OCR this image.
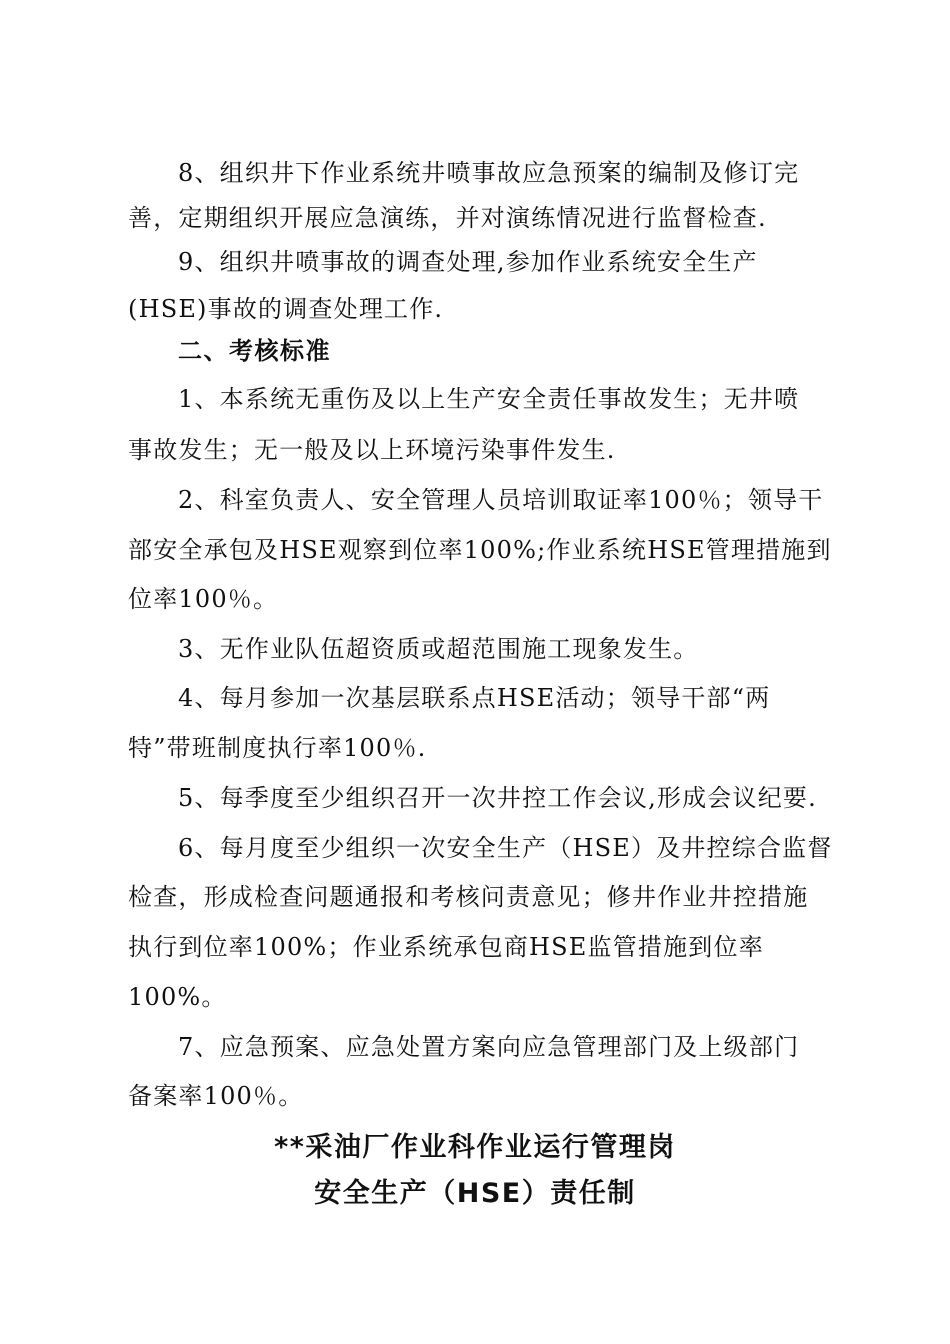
8、组织井下作业系统井喷事故应急预案的编制及修订完
善，定期组织开展应急演练，并对演练情况进行监督检查.
9、组织井喷事故的调查处理,参加作业系统安全生产
(HSE)事故的调查处理工作.
二、考核标准
1、本系统无重伤及以上生产安全责任事故发生；无井喷
事故发生；无一般及以上环境污染事件发生.
2、科室负责人、安全管理人员培训取证率100％；领导干
部安全承包及HSE观察到位率100%;作业系统HSE管理措施到
位率100％。
3、无作业队伍超资质或超范围施工现象发生。
4、每月参加一次基层联系点HSE活动；领导干部“两
特”带班制度执行率100％.
5、每季度至少组织召开一次井控工作会议,形成会议纪要.
6、每月度至少组织一次安全生产（HSE）及井控综合监督
检查，形成检查问题通报和考核问责意见；修井作业井控措施
执行到位率100%；作业系统承包商HSE监管措施到位率
100%。
7、应急预案、应急处置方案向应急管理部门及上级部门
备案率100％。
**采油厂作业科作业运行管理岗
安全生产（HSE）责任制
